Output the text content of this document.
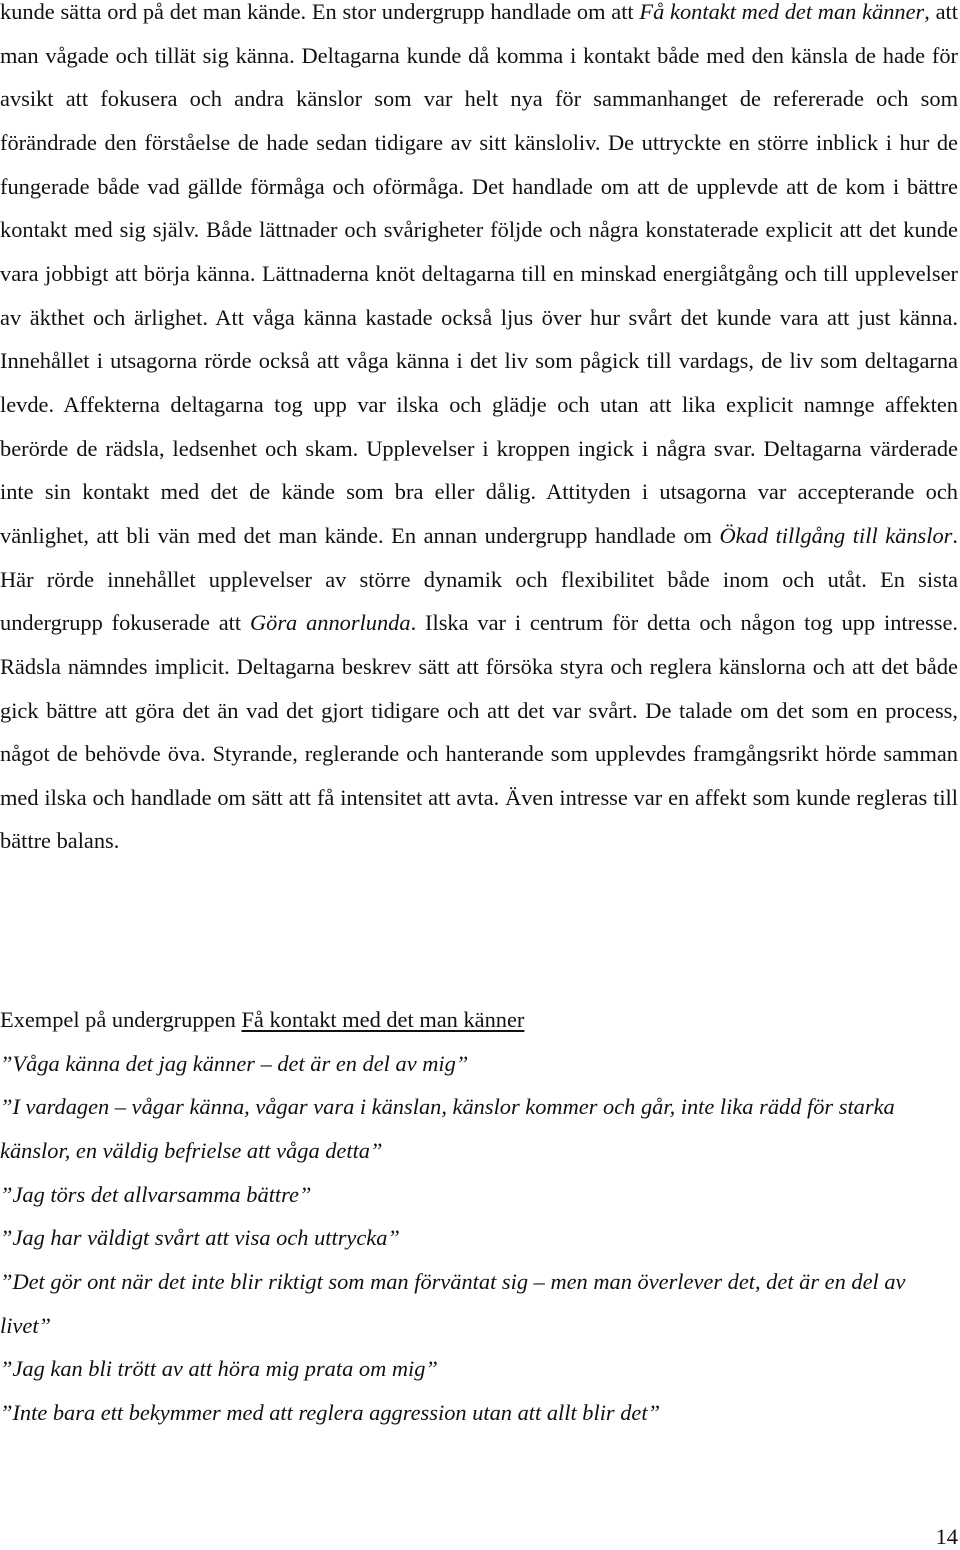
kunde sätta ord på det man kände. En stor undergrupp handlade om att Få kontakt med det man känner, att man vågade och tillät sig känna. Deltagarna kunde då komma i kontakt både med den känsla de hade för avsikt att fokusera och andra känslor som var helt nya för sammanhanget de refererade och som förändrade den förståelse de hade sedan tidigare av sitt känsloliv. De uttryckte en större inblick i hur de fungerade både vad gällde förmåga och oförmåga. Det handlade om att de upplevde att de kom i bättre kontakt med sig själv. Både lättnader och svårigheter följde och några konstaterade explicit att det kunde vara jobbigt att börja känna. Lättnaderna knöt deltagarna till en minskad energiåtgång och till upplevelser av äkthet och ärlighet. Att våga känna kastade också ljus över hur svårt det kunde vara att just känna. Innehållet i utsagorna rörde också att våga känna i det liv som pågick till vardags, de liv som deltagarna levde. Affekterna deltagarna tog upp var ilska och glädje och utan att lika explicit namnge affekten berörde de rädsla, ledsenhet och skam. Upplevelser i kroppen ingick i några svar. Deltagarna värderade inte sin kontakt med det de kände som bra eller dålig. Attityden i utsagorna var accepterande och vänlighet, att bli vän med det man kände. En annan undergrupp handlade om Ökad tillgång till känslor. Här rörde innehållet upplevelser av större dynamik och flexibilitet både inom och utåt. En sista undergrupp fokuserade att Göra annorlunda. Ilska var i centrum för detta och någon tog upp intresse. Rädsla nämndes implicit. Deltagarna beskrev sätt att försöka styra och reglera känslorna och att det både gick bättre att göra det än vad det gjort tidigare och att det var svårt. De talade om det som en process, något de behövde öva. Styrande, reglerande och hanterande som upplevdes framgångsrikt hörde samman med ilska och handlade om sätt att få intensitet att avta. Även intresse var en affekt som kunde regleras till bättre balans.

Exempel på undergruppen Få kontakt med det man känner

”Våga känna det jag känner – det är en del av mig”

”I vardagen – vågar känna, vågar vara i känslan, känslor kommer och går, inte lika rädd för starka känslor, en väldig befrielse att våga detta”

”Jag törs det allvarsamma bättre”

”Jag har väldigt svårt att visa och uttrycka”

”Det gör ont när det inte blir riktigt som man förväntat sig – men man överlever det, det är en del av livet”

”Jag kan bli trött av att höra mig prata om mig”

”Inte bara ett bekymmer med att reglera aggression utan att allt blir det”

14
